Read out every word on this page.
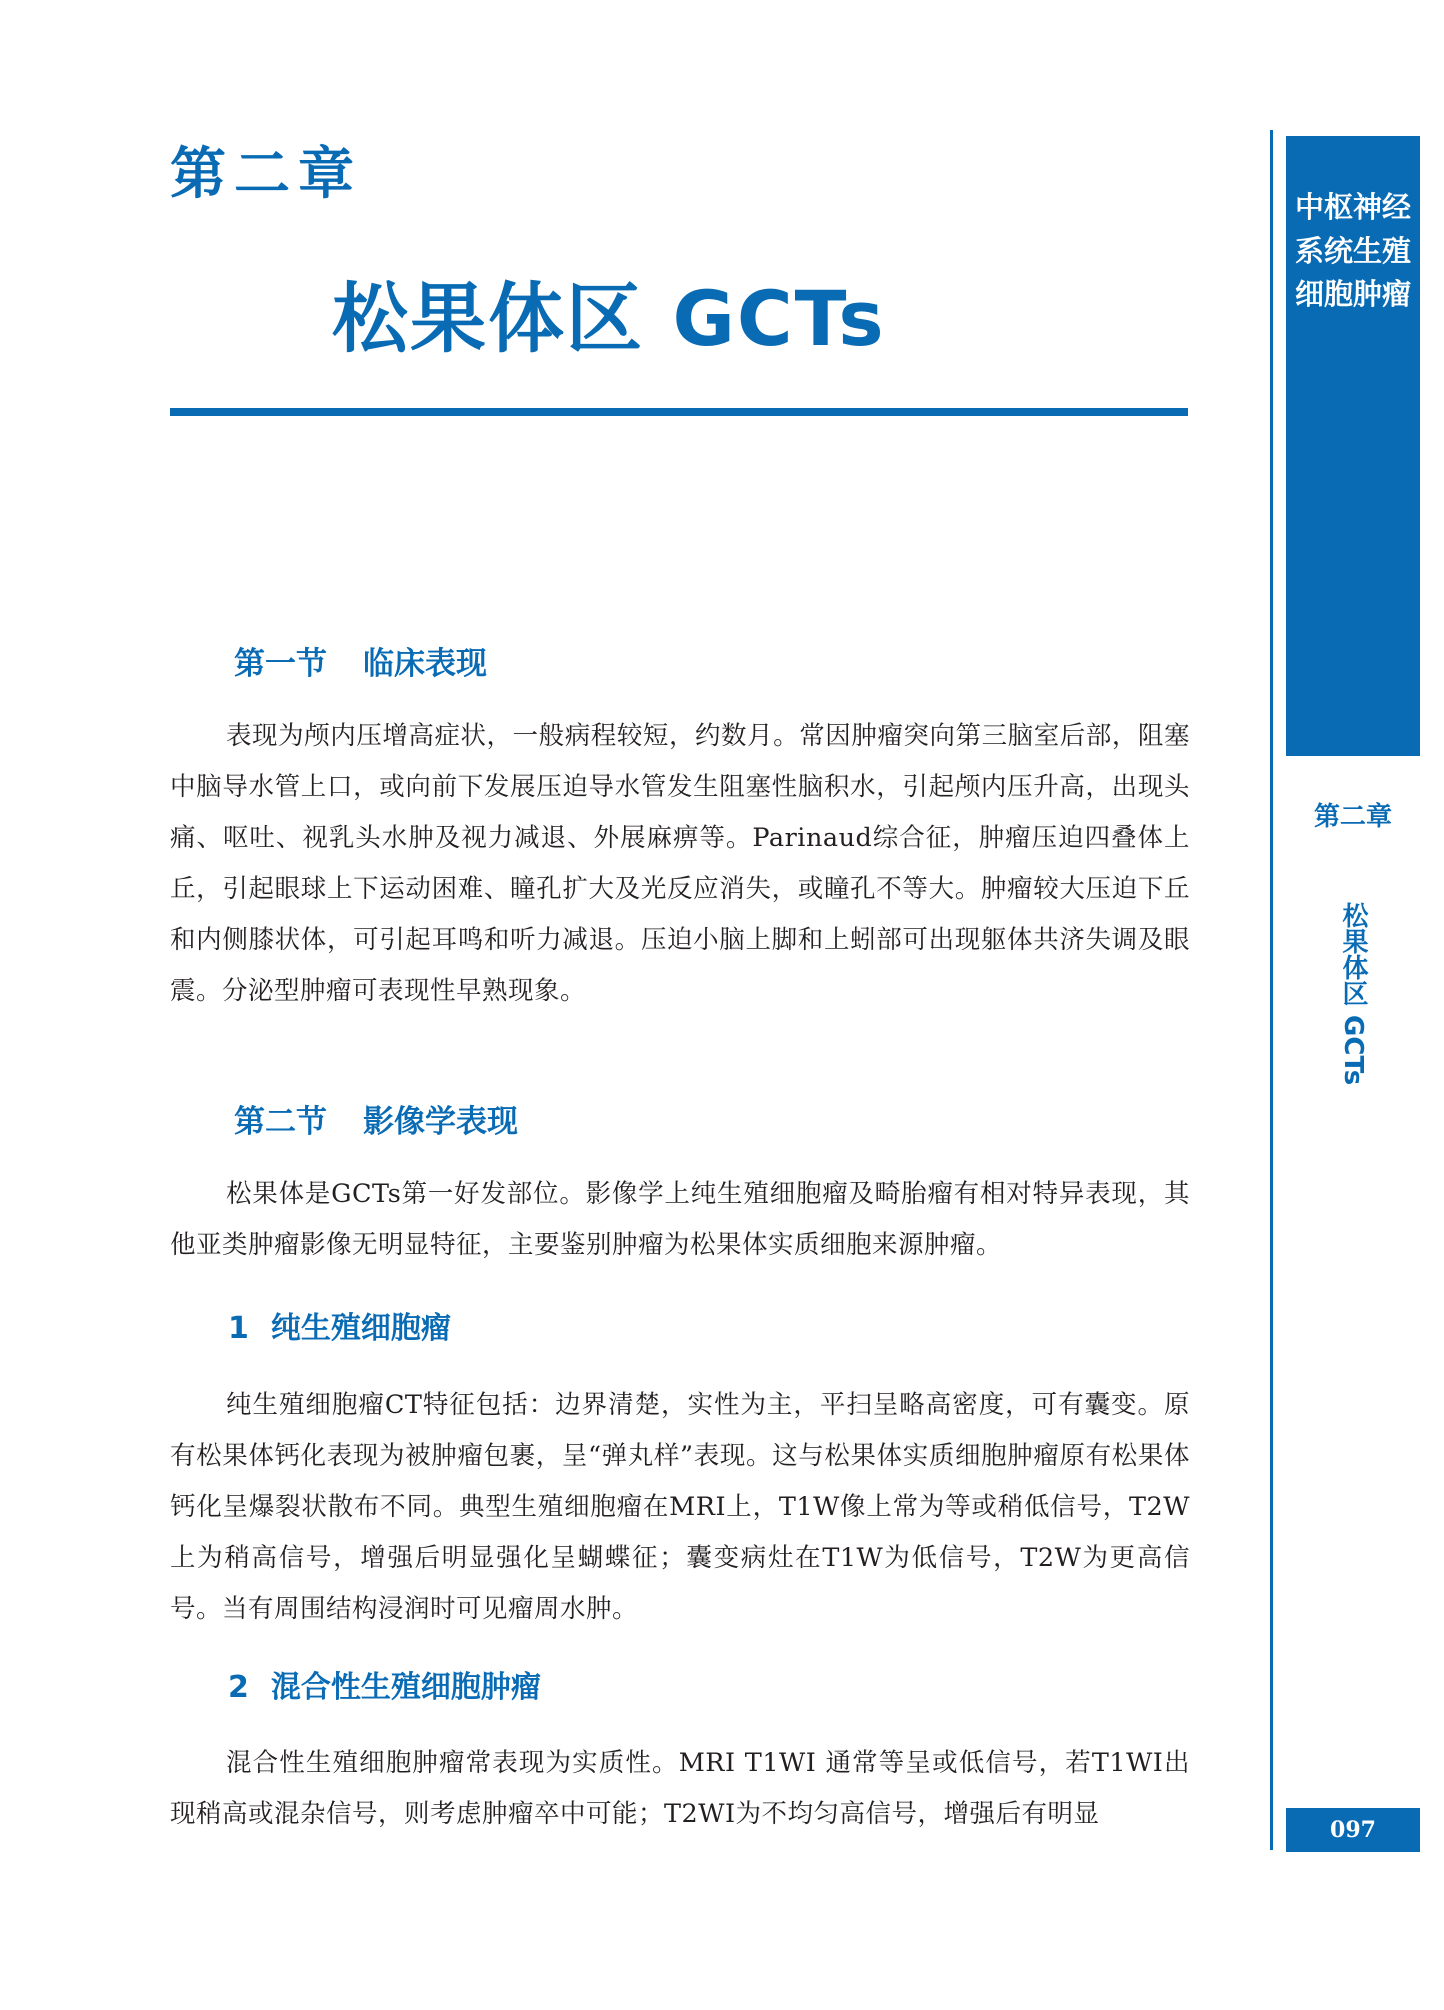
第二章
松果体区 GCTs
第一节 临床表现

表现为颅内压增高症状，一般病程较短，约数月。常因肿瘤突向第三脑室后部，阻塞中脑导水管上口，或向前下发展压迫导水管发生阻塞性脑积水，引起颅内压升高，出现头痛、呕吐、视乳头水肿及视力减退、外展麻痹等。Parinaud综合征，肿瘤压迫四叠体上丘，引起眼球上下运动困难、瞳孔扩大及光反应消失，或瞳孔不等大。肿瘤较大压迫下丘和内侧膝状体，可引起耳鸣和听力减退。压迫小脑上脚和上蚓部可出现躯体共济失调及眼震。分泌型肿瘤可表现性早熟现象。

第二节 影像学表现

松果体是GCTs第一好发部位。影像学上纯生殖细胞瘤及畸胎瘤有相对特异表现，其他亚类肿瘤影像无明显特征，主要鉴别肿瘤为松果体实质细胞来源肿瘤。

1 纯生殖细胞瘤

纯生殖细胞瘤CT特征包括：边界清楚，实性为主，平扫呈略高密度，可有囊变。原有松果体钙化表现为被肿瘤包裹，呈“弹丸样”表现。这与松果体实质细胞肿瘤原有松果体钙化呈爆裂状散布不同。典型生殖细胞瘤在MRI上，T1W像上常为等或稍低信号，T2W上为稍高信号，增强后明显强化呈蝴蝶征；囊变病灶在T1W为低信号，T2W为更高信号。当有周围结构浸润时可见瘤周水肿。

2 混合性生殖细胞肿瘤

混合性生殖细胞肿瘤常表现为实质性。MRI T1WI 通常等呈或低信号，若T1WI出现稍高或混杂信号，则考虑肿瘤卒中可能；T2WI为不均匀高信号，增强后有明显

中枢神经系统生殖细胞肿瘤

第二章

松果体区 GCTs

097
